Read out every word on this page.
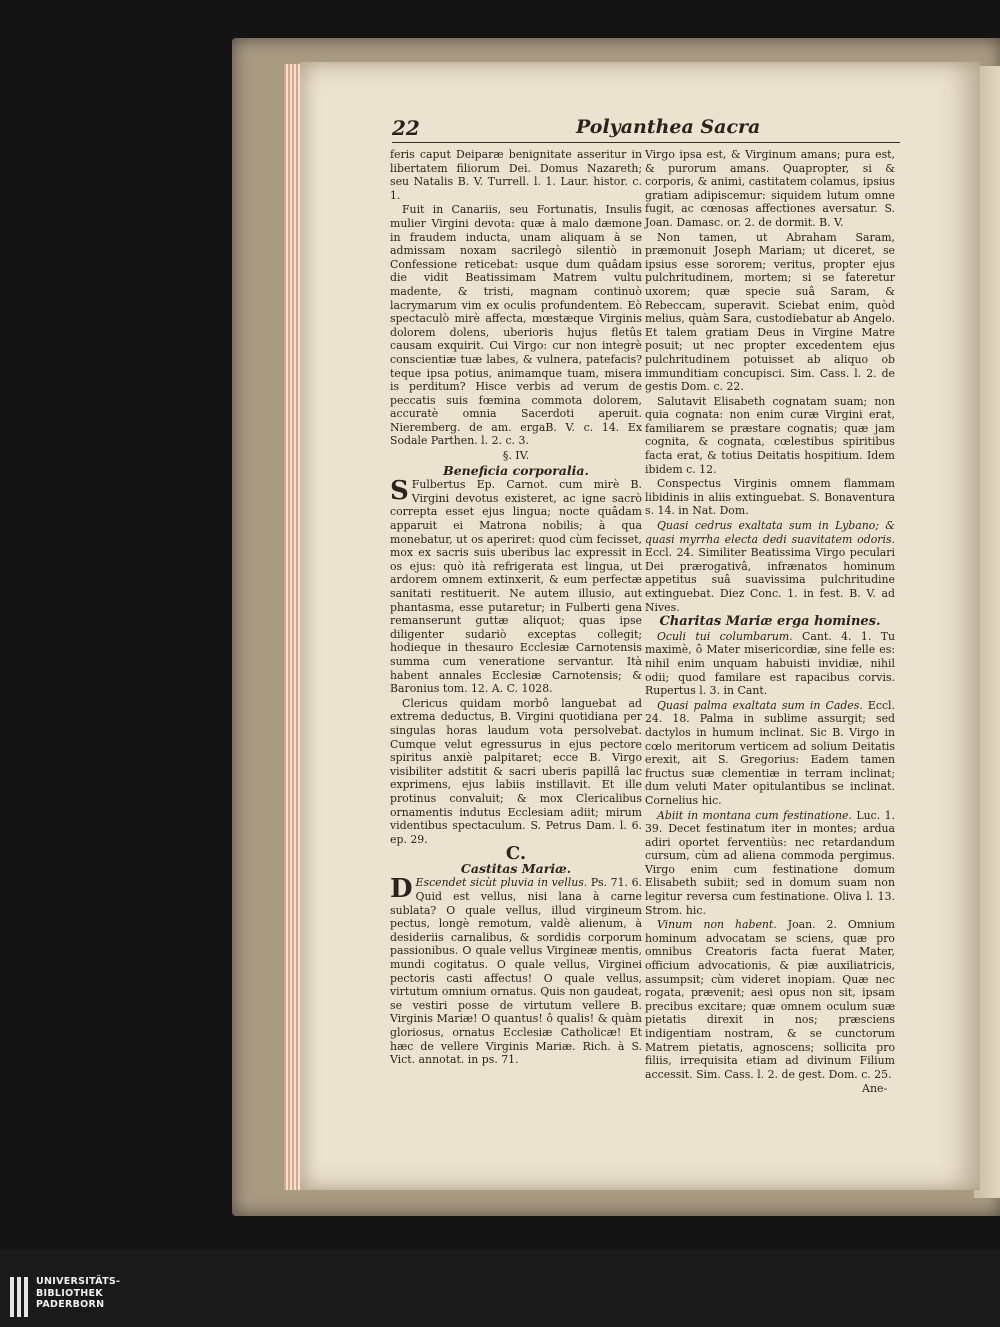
22	Polyanthea Sacra

feris caput Deiparæ benignitate asseritur in libertatem filiorum Dei. Domus Nazareth; seu Natalis B. V. Turrell. l. 1. Laur. histor. c. 1.

Fuit in Canariis, seu Fortunatis, Insulis mulier Virgini devota: quæ à malo dæmone in fraudem inducta, unam aliquam à se admissam noxam sacrilegò silentiò in Confessione reticebat: usque dum quâdam die vidit Beatissimam Matrem vultu madente, & tristi, magnam continuò lacrymarum vim ex oculis profundentem. Eò spectaculò mirè affecta, mœstæque Virginis dolorem dolens, uberioris hujus fletûs causam exquirit. Cui Virgo: cur non integrè conscientiæ tuæ labes, & vulnera, patefacis? teque ipsa potius, animamque tuam, misera is perditum? Hisce verbis ad verum de peccatis suis fœmina commota dolorem, accuratè omnia Sacerdoti aperuit. Nieremberg. de am. ergaB. V. c. 14. Ex Sodale Parthen. l. 2. c. 3.

§. IV.

Beneficia corporalia.

S Fulbertus Ep. Carnot. cum mirè B. Virgini devotus existeret, ac igne sacrò correpta esset ejus lingua; nocte quâdam apparuit ei Matrona nobilis; à qua monebatur, ut os aperiret: quod cùm fecisset, mox ex sacris suis uberibus lac expressit in os ejus: quò ità refrigerata est lingua, ut ardorem omnem extinxerit, & eum perfectæ sanitati restituerit. Ne autem illusio, aut phantasma, esse putaretur; in Fulberti gena remanserunt guttæ aliquot; quas ipse diligenter sudariò exceptas collegit; hodieque in thesauro Ecclesiæ Carnotensis summa cum veneratione servantur. Ità habent annales Ecclesiæ Carnotensis; & Baronius tom. 12. A. C. 1028.

Clericus quidam morbô languebat ad extrema deductus, B. Virgini quotidiana per singulas horas laudum vota persolvebat. Cumque velut egressurus in ejus pectore spiritus anxiè palpitaret; ecce B. Virgo visibiliter adstitit & sacri uberis papillâ lac exprimens, ejus labiis instillavit. Et ille protinus convaluit; & mox Clericalibus ornamentis indutus Ecclesiam adiit; mirum videntibus spectaculum. S. Petrus Dam. l. 6. ep. 29.

C.

Castitas Mariæ.

D Escendet sicùt pluvia in vellus. Ps. 71. 6. Quid est vellus, nisi lana à carne sublata? O quale vellus, illud virgineum pectus, longè remotum, valdè alienum, à desideriis carnalibus, & sordidis corporum passionibus. O quale vellus Virgineæ mentis, mundi cogitatus. O quale vellus, Virginei pectoris casti affectus! O quale vellus, virtutum omnium ornatus. Quis non gaudeat, se vestiri posse de virtutum vellere B. Virginis Mariæ! O quantus! ô qualis! & quàm gloriosus, ornatus Ecclesiæ Catholicæ! Et hæc de vellere Virginis Mariæ. Rich. à S. Vict. annotat. in ps. 71.

Virgo ipsa est, & Virginum amans; pura est, & purorum amans. Quapropter, si & corporis, & animi, castitatem colamus, ipsius gratiam adipiscemur: siquidem lutum omne fugit, ac cœnosas affectiones aversatur. S. Joan. Damasc. or. 2. de dormit. B. V.

Non tamen, ut Abraham Saram, præmonuit Joseph Mariam; ut diceret, se ipsius esse sororem; veritus, propter ejus pulchritudinem, mortem; si se fateretur uxorem; quæ specie suâ Saram, & Rebeccam, superavit. Sciebat enim, quòd melius, quàm Sara, custodiebatur ab Angelo. Et talem gratiam Deus in Virgine Matre posuit; ut nec propter excedentem ejus pulchritudinem potuisset ab aliquo ob immunditiam concupisci. Sim. Cass. l. 2. de gestis Dom. c. 22.

Salutavit Elisabeth cognatam suam; non quia cognata: non enim curæ Virgini erat, familiarem se præstare cognatis; quæ jam cognita, & cognata, cœlestibus spiritibus facta erat, & totius Deitatis hospitium. Idem ibidem c. 12.

Conspectus Virginis omnem flammam libidinis in aliis extinguebat. S. Bonaventura s. 14. in Nat. Dom.

Quasi cedrus exaltata sum in Lybano; & quasi myrrha electa dedi suavitatem odoris. Eccl. 24. Similiter Beatissima Virgo peculari Dei prærogativâ, infrænatos hominum appetitus suâ suavissima pulchritudine extinguebat. Diez Conc. 1. in fest. B. V. ad Nives.

Charitas Mariæ erga homines.

Oculi tui columbarum. Cant. 4. 1. Tu maximè, ô Mater misericordiæ, sine felle es: nihil enim unquam habuisti invidiæ, nihil odii; quod familare est rapacibus corvis. Rupertus l. 3. in Cant.

Quasi palma exaltata sum in Cades. Eccl. 24. 18. Palma in sublime assurgit; sed dactylos in humum inclinat. Sic B. Virgo in cœlo meritorum verticem ad solium Deitatis erexit, ait S. Gregorius: Eadem tamen fructus suæ clementiæ in terram inclinat; dum veluti Mater opitulantibus se inclinat. Cornelius hic.

Abiit in montana cum festinatione. Luc. 1. 39. Decet festinatum iter in montes; ardua adiri oportet ferventiùs: nec retardandum cursum, cùm ad aliena commoda pergimus. Virgo enim cum festinatione domum Elisabeth subiit; sed in domum suam non legitur reversa cum festinatione. Oliva l. 13. Strom. hic.

Vinum non habent. Joan. 2. Omnium hominum advocatam se sciens, quæ pro omnibus Creatoris facta fuerat Mater, officium advocationis, & piæ auxiliatricis, assumpsit; cùm videret inopiam. Quæ nec rogata, prævenit; aesi opus non sit, ipsam precibus excitare; quæ omnem oculum suæ pietatis direxit in nos; præsciens indigentiam nostram, & se cunctorum Matrem pietatis, agnoscens; sollicita pro filiis, irrequisita etiam ad divinum Filium accessit. Sim. Cass. l. 2. de gest. Dom. c. 25.

Ane-
UNIVERSITÄTS-
BIBLIOTHEK
PADERBORN
